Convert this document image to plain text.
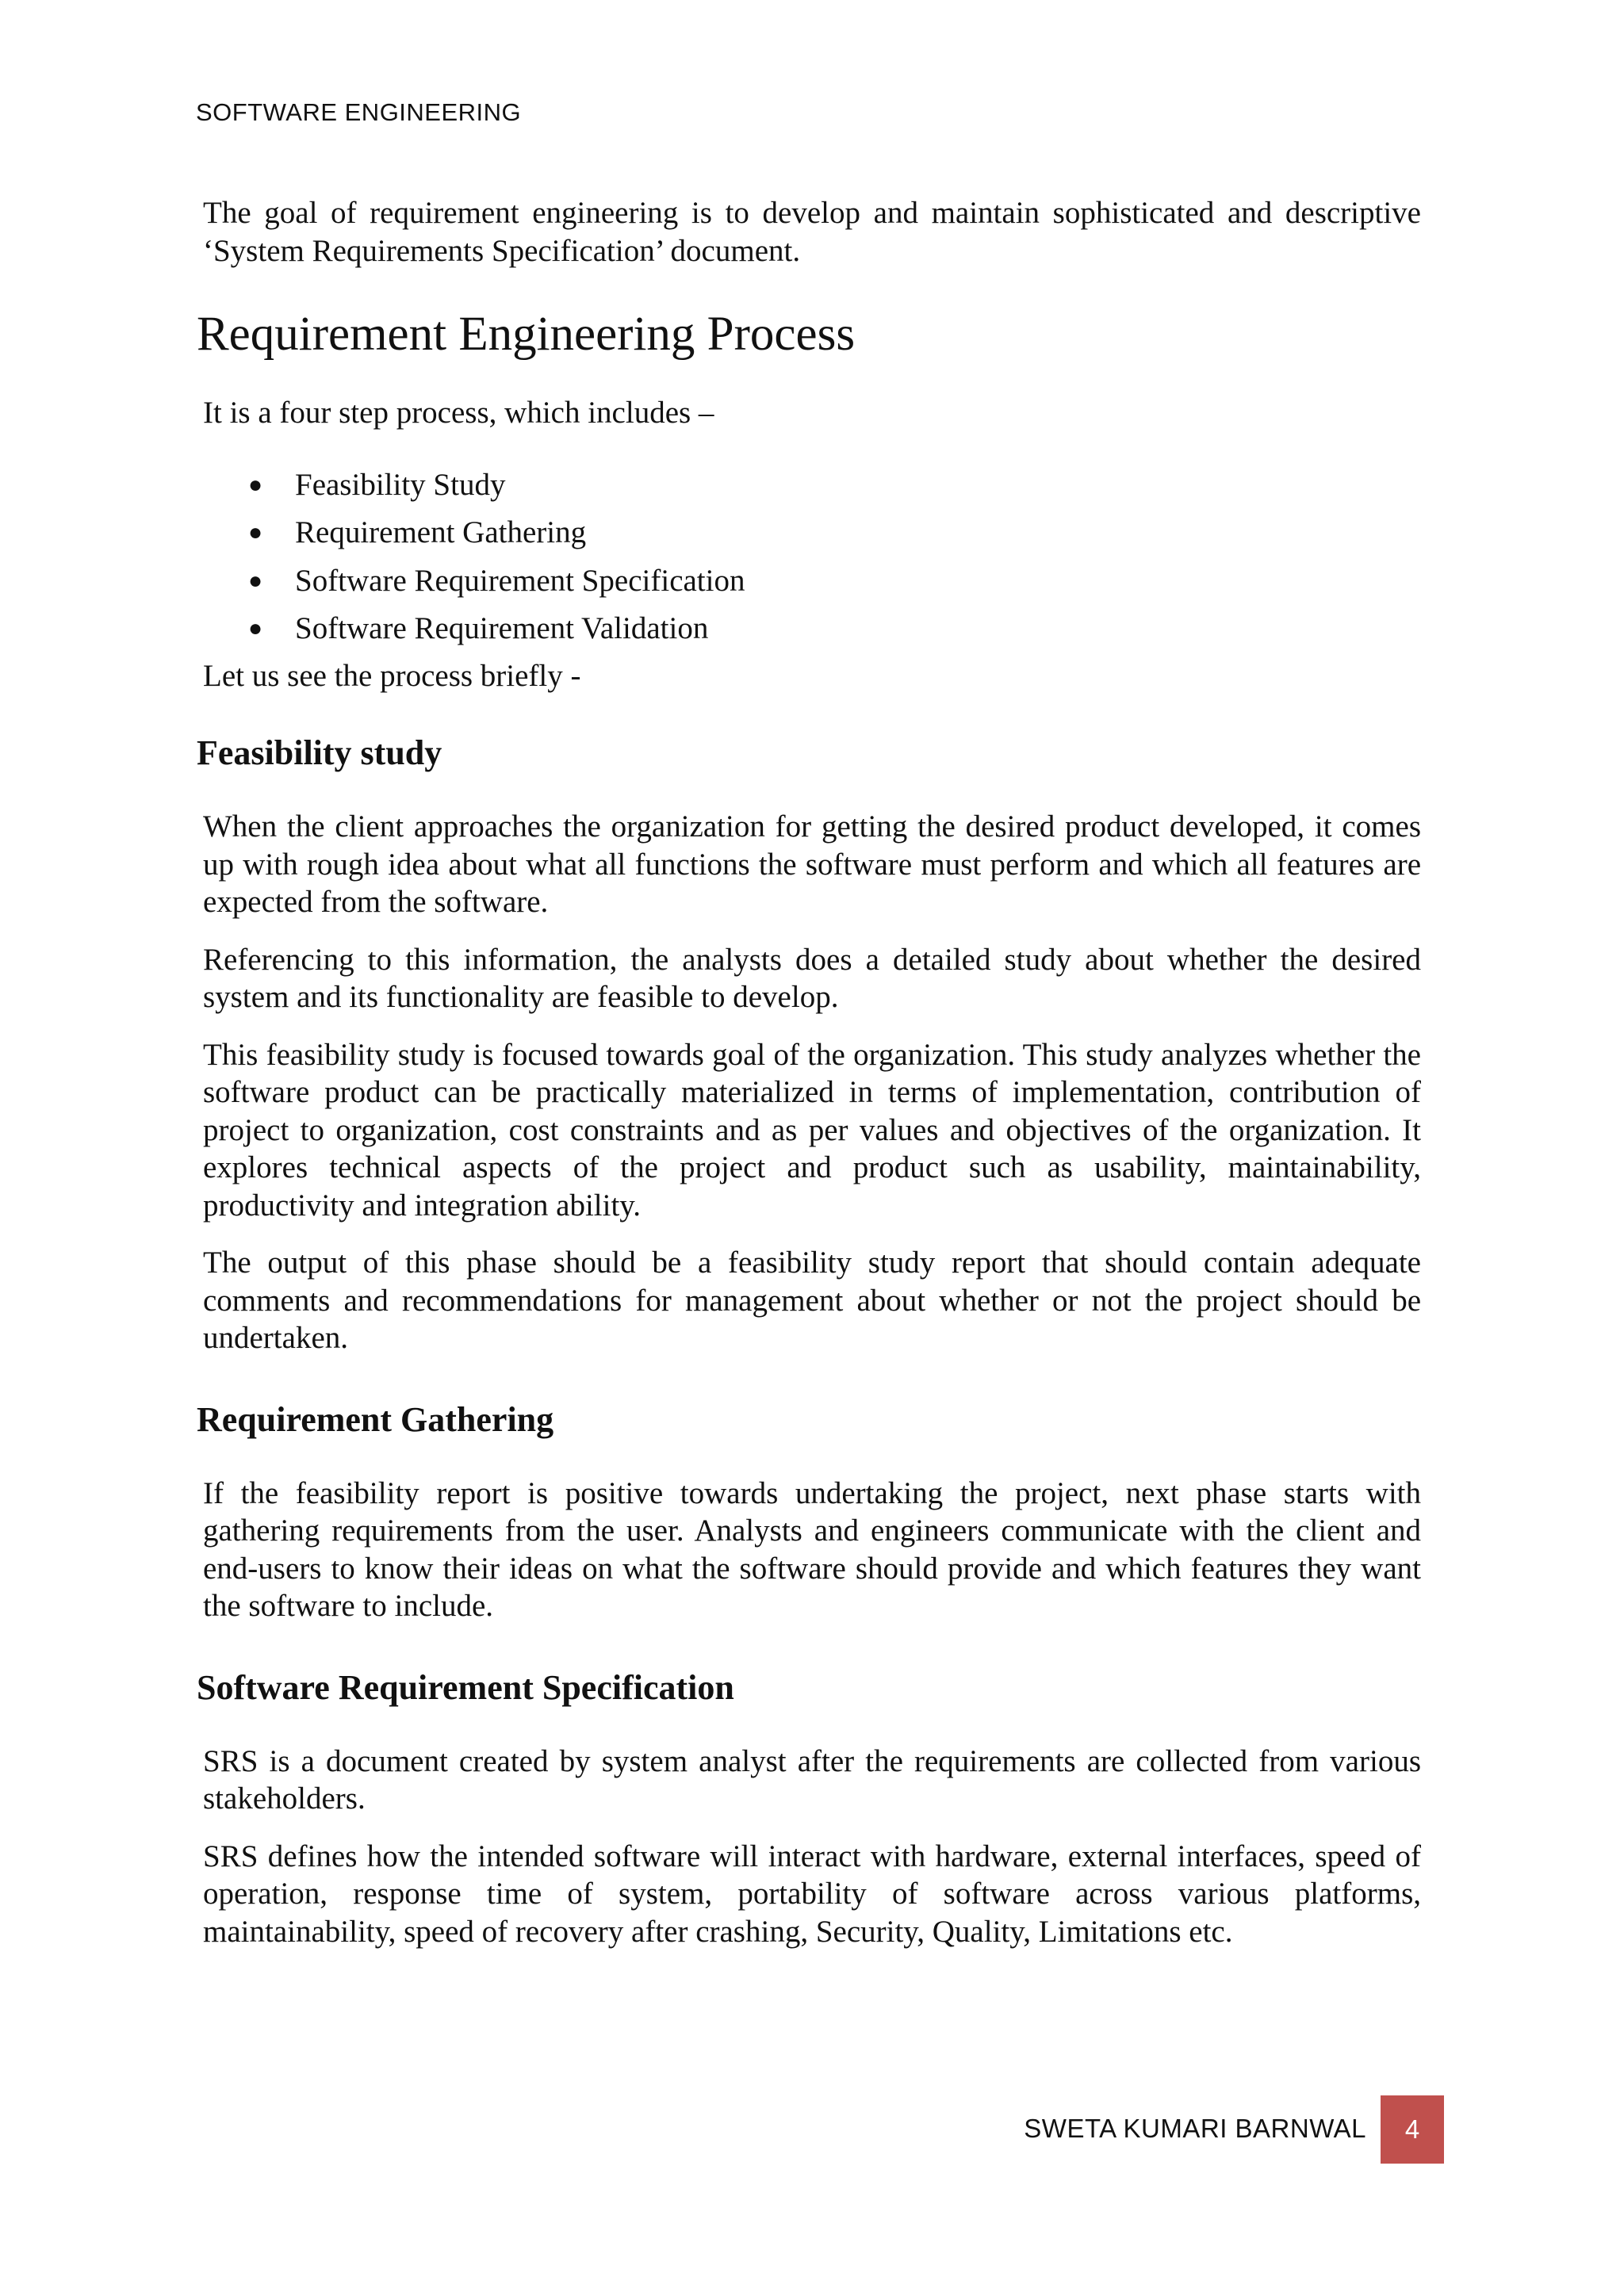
SOFTWARE ENGINEERING

The goal of requirement engineering is to develop and maintain sophisticated and descriptive ‘System Requirements Specification’ document.

Requirement Engineering Process

It is a four step process, which includes –

● Feasibility Study
● Requirement Gathering
● Software Requirement Specification
● Software Requirement Validation

Let us see the process briefly -

Feasibility study

When the client approaches the organization for getting the desired product developed, it comes up with rough idea about what all functions the software must perform and which all features are expected from the software.

Referencing to this information, the analysts does a detailed study about whether the desired system and its functionality are feasible to develop.

This feasibility study is focused towards goal of the organization. This study analyzes whether the software product can be practically materialized in terms of implementation, contribution of project to organization, cost constraints and as per values and objectives of the organization. It explores technical aspects of the project and product such as usability, maintainability, productivity and integration ability.

The output of this phase should be a feasibility study report that should contain adequate comments and recommendations for management about whether or not the project should be undertaken.

Requirement Gathering

If the feasibility report is positive towards undertaking the project, next phase starts with gathering requirements from the user. Analysts and engineers communicate with the client and end-users to know their ideas on what the software should provide and which features they want the software to include.

Software Requirement Specification

SRS is a document created by system analyst after the requirements are collected from various stakeholders.

SRS defines how the intended software will interact with hardware, external interfaces, speed of operation, response time of system, portability of software across various platforms, maintainability, speed of recovery after crashing, Security, Quality, Limitations etc.

SWETA KUMARI BARNWAL	4
